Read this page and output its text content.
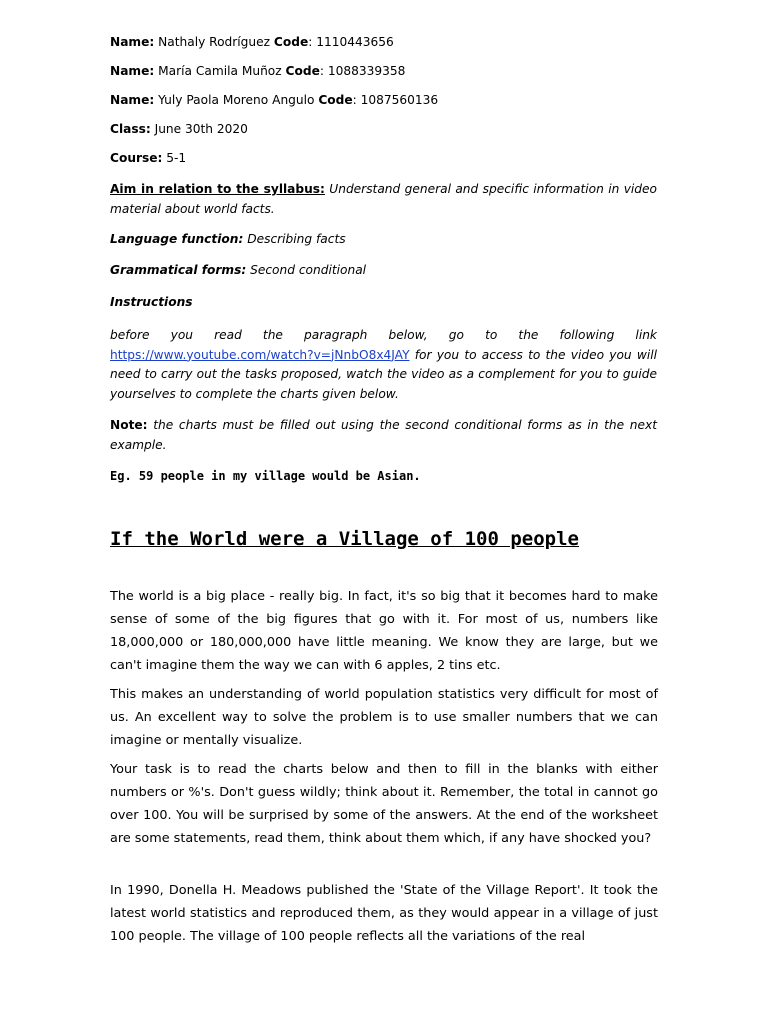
Name: Nathaly Rodríguez Code: 1110443656
Name: María Camila Muñoz Code: 1088339358
Name: Yuly Paola Moreno Angulo Code: 1087560136
Class: June 30th 2020
Course: 5-1
Aim in relation to the syllabus: Understand general and specific information in video material about world facts.
Language function: Describing facts
Grammatical forms: Second conditional
Instructions
before you read the paragraph below, go to the following link https://www.youtube.com/watch?v=jNnbO8x4JAY for you to access to the video you will need to carry out the tasks proposed, watch the video as a complement for you to guide yourselves to complete the charts given below.
Note: the charts must be filled out using the second conditional forms as in the next example.
Eg. 59 people in my village would be Asian.
If the World were a Village of 100 people
The world is a big place - really big. In fact, it's so big that it becomes hard to make sense of some of the big figures that go with it. For most of us, numbers like 18,000,000 or 180,000,000 have little meaning. We know they are large, but we can't imagine them the way we can with 6 apples, 2 tins etc.
This makes an understanding of world population statistics very difficult for most of us. An excellent way to solve the problem is to use smaller numbers that we can imagine or mentally visualize.
Your task is to read the charts below and then to fill in the blanks with either numbers or %'s. Don't guess wildly; think about it. Remember, the total in cannot go over 100. You will be surprised by some of the answers. At the end of the worksheet are some statements, read them, think about them which, if any have shocked you?
In 1990, Donella H. Meadows published the 'State of the Village Report'. It took the latest world statistics and reproduced them, as they would appear in a village of just 100 people. The village of 100 people reflects all the variations of the real
